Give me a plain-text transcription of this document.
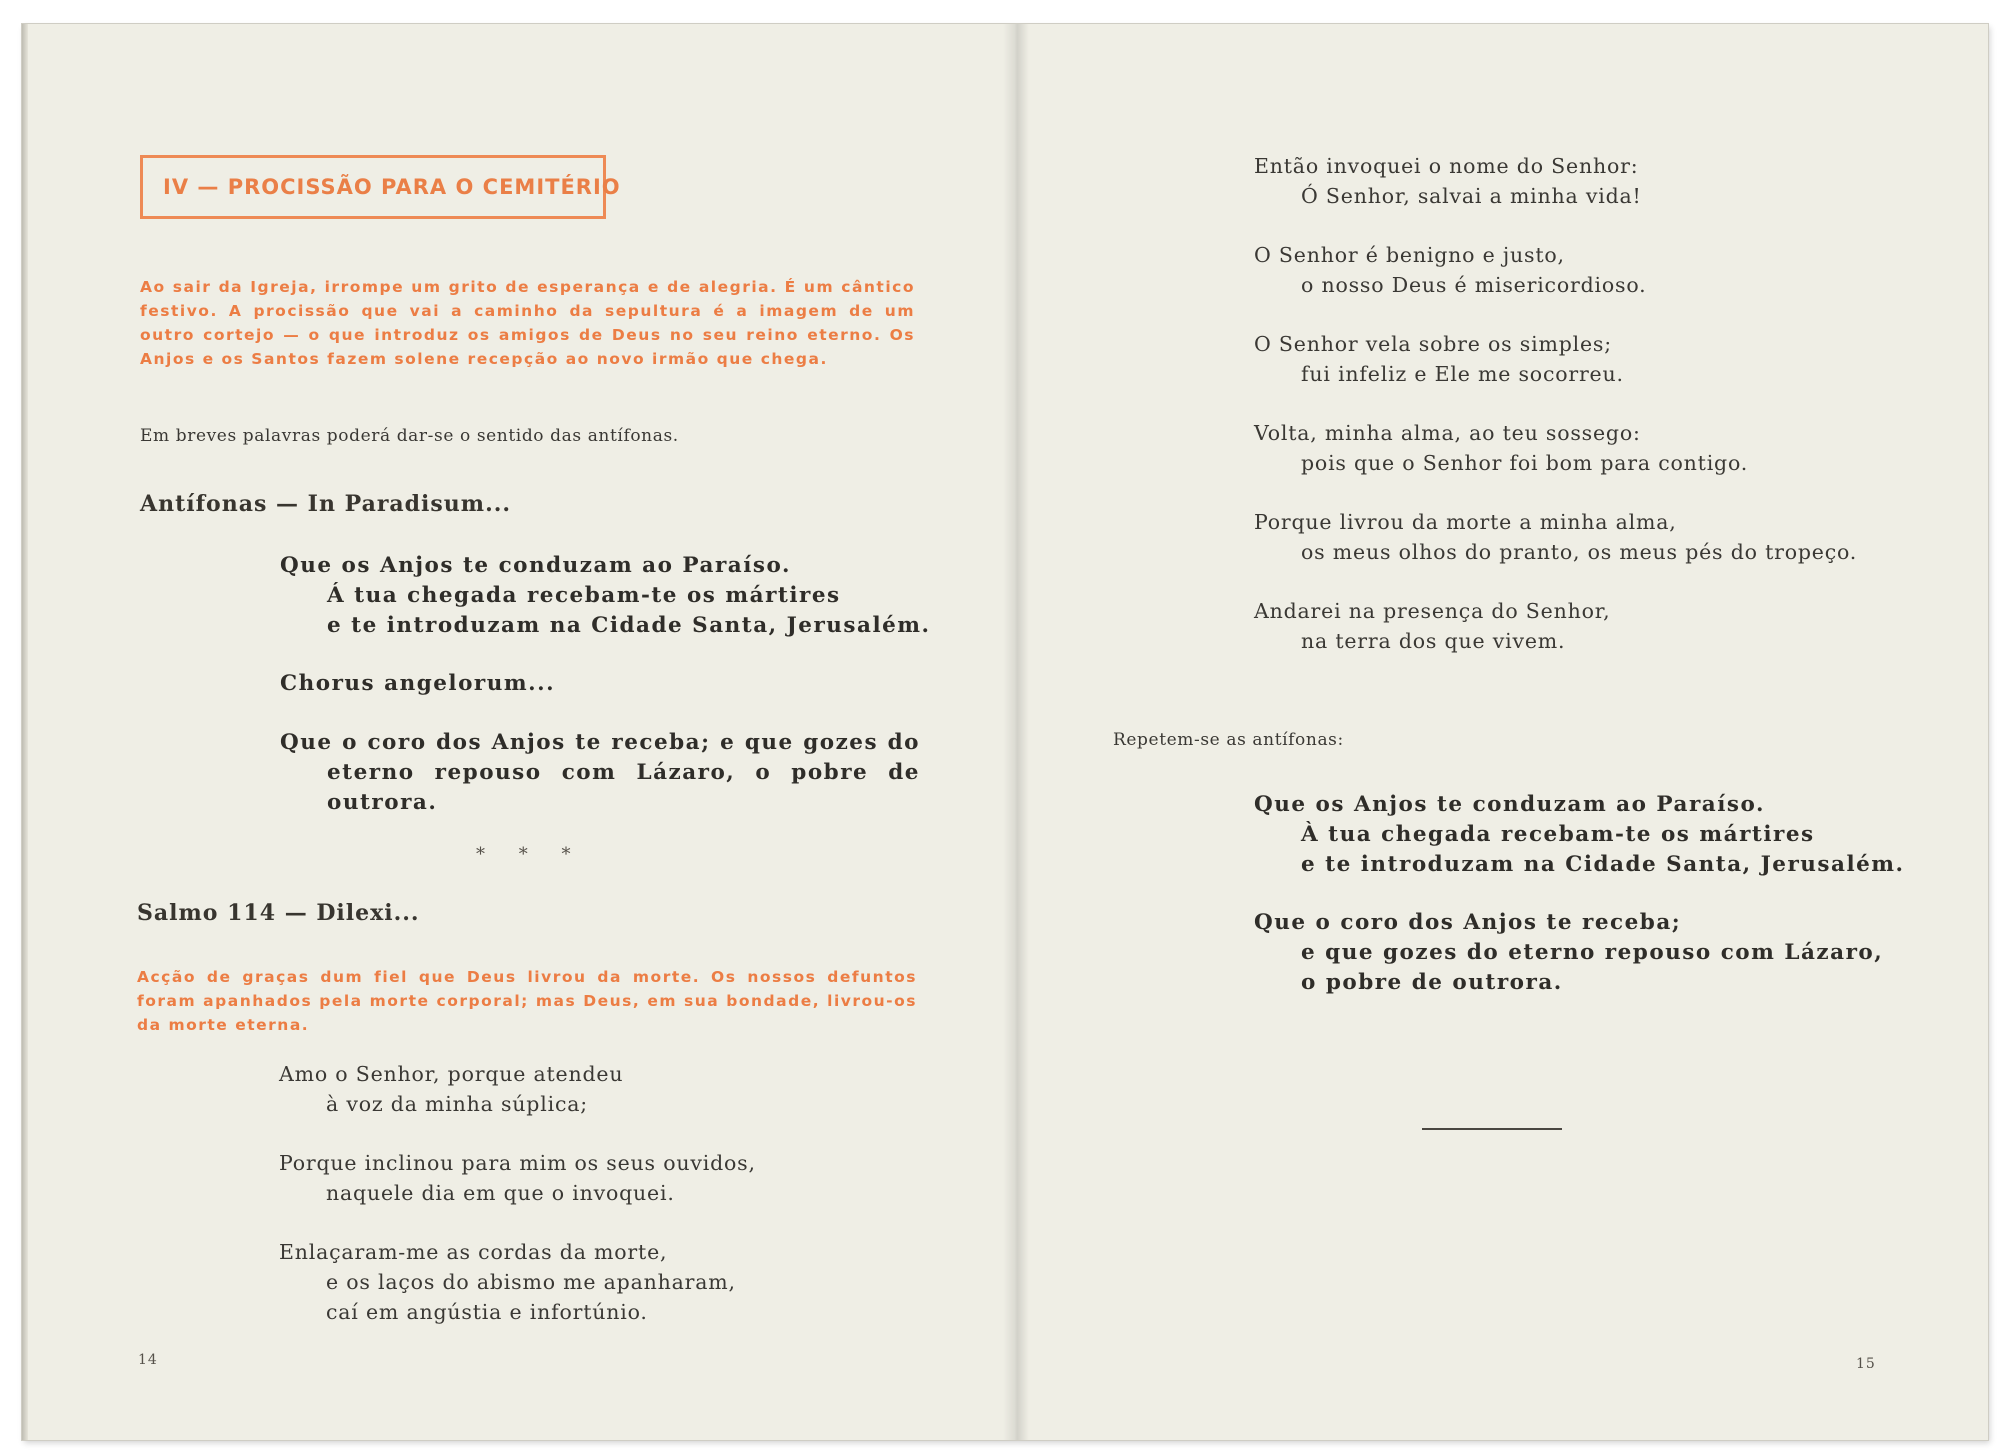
IV — PROCISSÃO PARA O CEMITÉRIO
Ao sair da Igreja, irrompe um grito de esperança e de alegria. É um cântico festivo. A procissão que vai a caminho da sepultura é a imagem de um outro cortejo — o que introduz os amigos de Deus no seu reino eterno. Os Anjos e os Santos fazem solene recepção ao novo irmão que chega.
Em breves palavras poderá dar-se o sentido das antífonas.
Antífonas — In Paradisum...
Que os Anjos te conduzam ao Paraíso.
Á tua chegada recebam-te os mártires
e te introduzam na Cidade Santa, Jerusalém.
Chorus angelorum...
Que o coro dos Anjos te receba; e que gozes do eterno repouso com Lázaro, o pobre de outrora.
* * *
Salmo 114 — Dilexi...
Acção de graças dum fiel que Deus livrou da morte. Os nossos defuntos foram apanhados pela morte corporal; mas Deus, em sua bondade, livrou-os da morte eterna.
Amo o Senhor, porque atendeu
à voz da minha súplica;
Porque inclinou para mim os seus ouvidos,
naquele dia em que o invoquei.
Enlaçaram-me as cordas da morte,
e os laços do abismo me apanharam,
caí em angústia e infortúnio.
14
Então invoquei o nome do Senhor:
Ó Senhor, salvai a minha vida!
O Senhor é benigno e justo,
o nosso Deus é misericordioso.
O Senhor vela sobre os simples;
fui infeliz e Ele me socorreu.
Volta, minha alma, ao teu sossego:
pois que o Senhor foi bom para contigo.
Porque livrou da morte a minha alma,
os meus olhos do pranto, os meus pés do tropeço.
Andarei na presença do Senhor,
na terra dos que vivem.
Repetem-se as antífonas:
Que os Anjos te conduzam ao Paraíso.
À tua chegada recebam-te os mártires
e te introduzam na Cidade Santa, Jerusalém.
Que o coro dos Anjos te receba;
e que gozes do eterno repouso com Lázaro,
o pobre de outrora.
15
